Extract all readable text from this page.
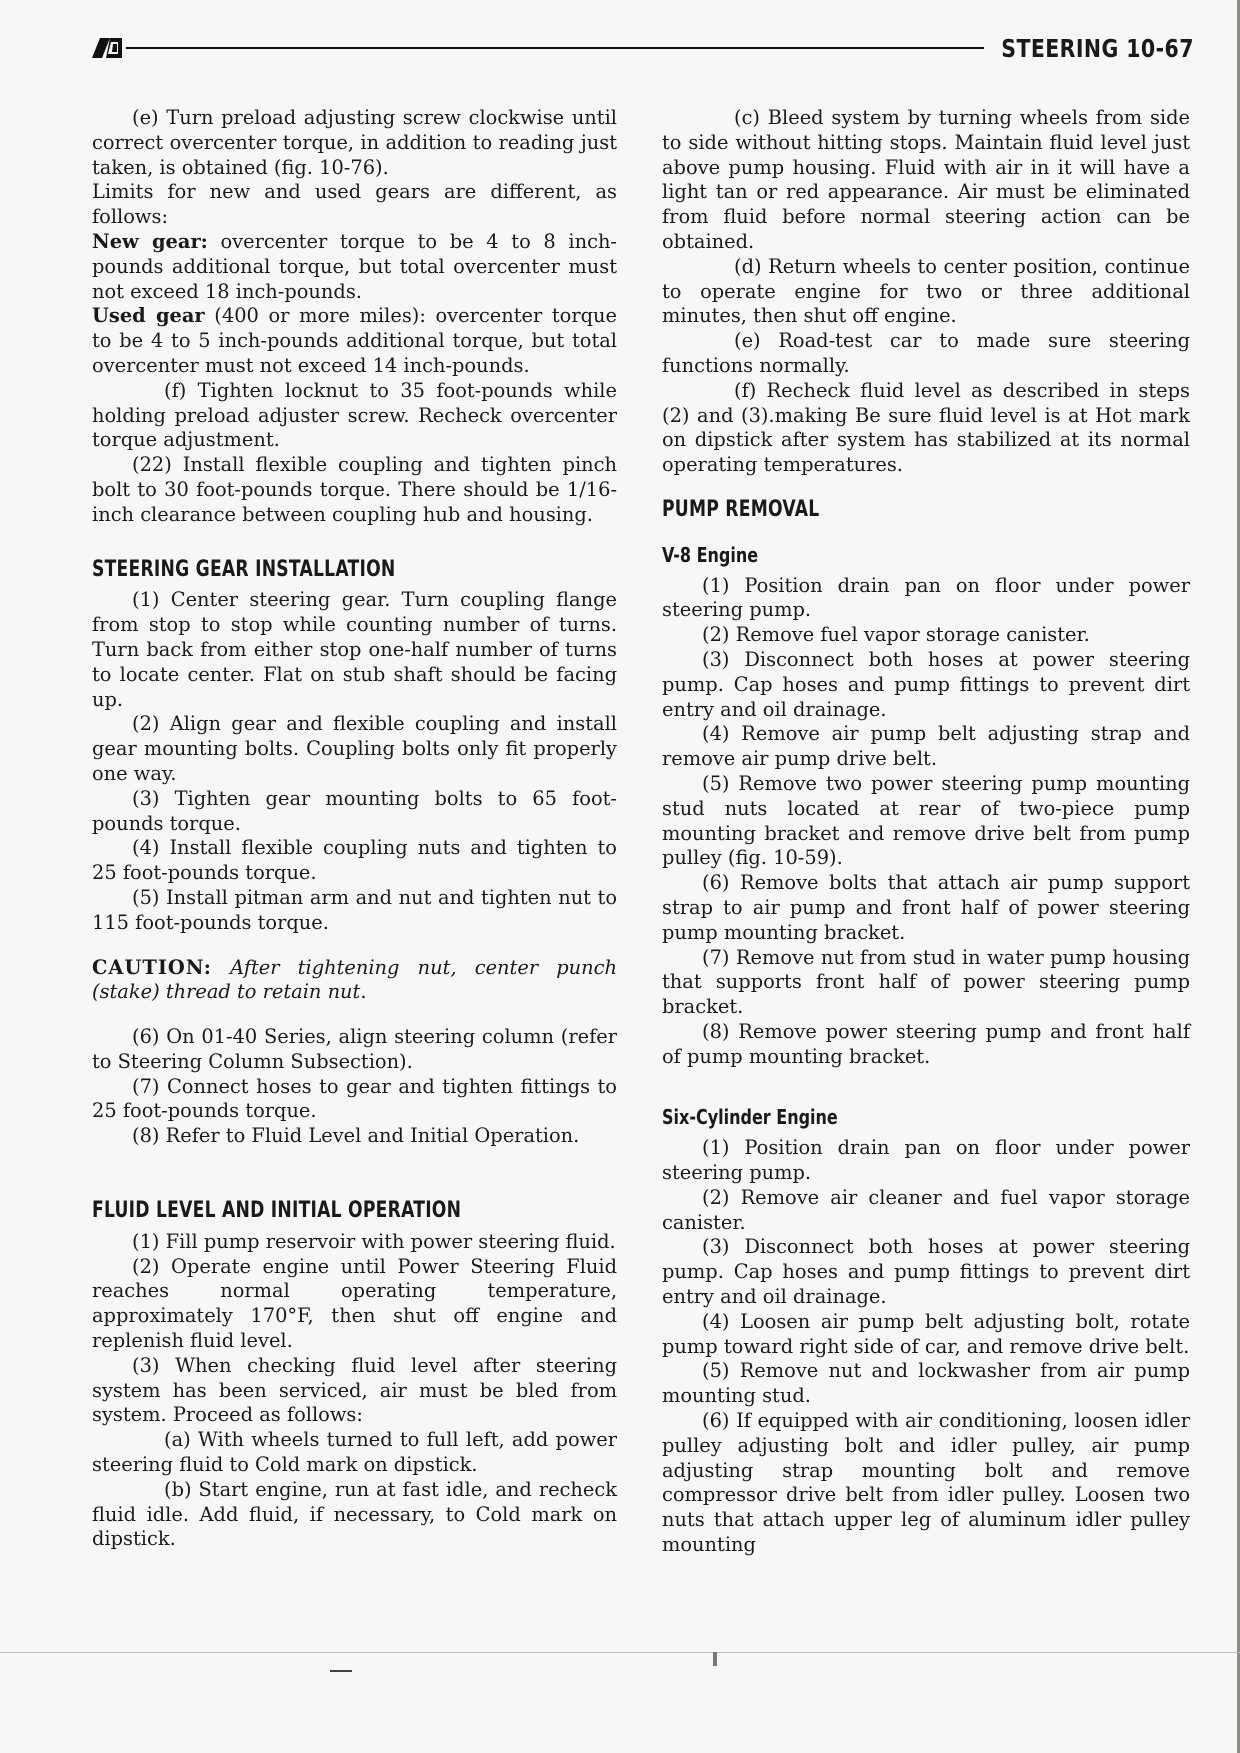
STEERING 10-67

(e) Turn preload adjusting screw clockwise until correct overcenter torque, in addition to reading just taken, is obtained (fig. 10-76).

Limits for new and used gears are different, as follows:

New gear: overcenter torque to be 4 to 8 inch-pounds additional torque, but total overcenter must not exceed 18 inch-pounds.

Used gear (400 or more miles): overcenter torque to be 4 to 5 inch-pounds additional torque, but total overcenter must not exceed 14 inch-pounds.

(f) Tighten locknut to 35 foot-pounds while holding preload adjuster screw. Recheck overcenter torque adjustment.

(22) Install flexible coupling and tighten pinch bolt to 30 foot-pounds torque. There should be 1/16-inch clearance between coupling hub and housing.

STEERING GEAR INSTALLATION

(1) Center steering gear. Turn coupling flange from stop to stop while counting number of turns. Turn back from either stop one-half number of turns to locate center. Flat on stub shaft should be facing up.

(2) Align gear and flexible coupling and install gear mounting bolts. Coupling bolts only fit properly one way.

(3) Tighten gear mounting bolts to 65 foot-pounds torque.

(4) Install flexible coupling nuts and tighten to 25 foot-pounds torque.

(5) Install pitman arm and nut and tighten nut to 115 foot-pounds torque.

CAUTION: After tightening nut, center punch (stake) thread to retain nut.

(6) On 01-40 Series, align steering column (refer to Steering Column Subsection).

(7) Connect hoses to gear and tighten fittings to 25 foot-pounds torque.

(8) Refer to Fluid Level and Initial Operation.

FLUID LEVEL AND INITIAL OPERATION

(1) Fill pump reservoir with power steering fluid.

(2) Operate engine until Power Steering Fluid reaches normal operating temperature, approximately 170°F, then shut off engine and replenish fluid level.

(3) When checking fluid level after steering system has been serviced, air must be bled from system. Proceed as follows:

(a) With wheels turned to full left, add power steering fluid to Cold mark on dipstick.

(b) Start engine, run at fast idle, and recheck fluid idle. Add fluid, if necessary, to Cold mark on dipstick.

(c) Bleed system by turning wheels from side to side without hitting stops. Maintain fluid level just above pump housing. Fluid with air in it will have a light tan or red appearance. Air must be eliminated from fluid before normal steering action can be obtained.

(d) Return wheels to center position, continue to operate engine for two or three additional minutes, then shut off engine.

(e) Road-test car to made sure steering functions normally.

(f) Recheck fluid level as described in steps (2) and (3).making Be sure fluid level is at Hot mark on dipstick after system has stabilized at its normal operating temperatures.

PUMP REMOVAL
V-8 Engine

(1) Position drain pan on floor under power steering pump.

(2) Remove fuel vapor storage canister.

(3) Disconnect both hoses at power steering pump. Cap hoses and pump fittings to prevent dirt entry and oil drainage.

(4) Remove air pump belt adjusting strap and remove air pump drive belt.

(5) Remove two power steering pump mounting stud nuts located at rear of two-piece pump mounting bracket and remove drive belt from pump pulley (fig. 10-59).

(6) Remove bolts that attach air pump support strap to air pump and front half of power steering pump mounting bracket.

(7) Remove nut from stud in water pump housing that supports front half of power steering pump bracket.

(8) Remove power steering pump and front half of pump mounting bracket.

Six-Cylinder Engine

(1) Position drain pan on floor under power steering pump.

(2) Remove air cleaner and fuel vapor storage canister.

(3) Disconnect both hoses at power steering pump. Cap hoses and pump fittings to prevent dirt entry and oil drainage.

(4) Loosen air pump belt adjusting bolt, rotate pump toward right side of car, and remove drive belt.

(5) Remove nut and lockwasher from air pump mounting stud.

(6) If equipped with air conditioning, loosen idler pulley adjusting bolt and idler pulley, air pump adjusting strap mounting bolt and remove compressor drive belt from idler pulley. Loosen two nuts that attach upper leg of aluminum idler pulley mounting
